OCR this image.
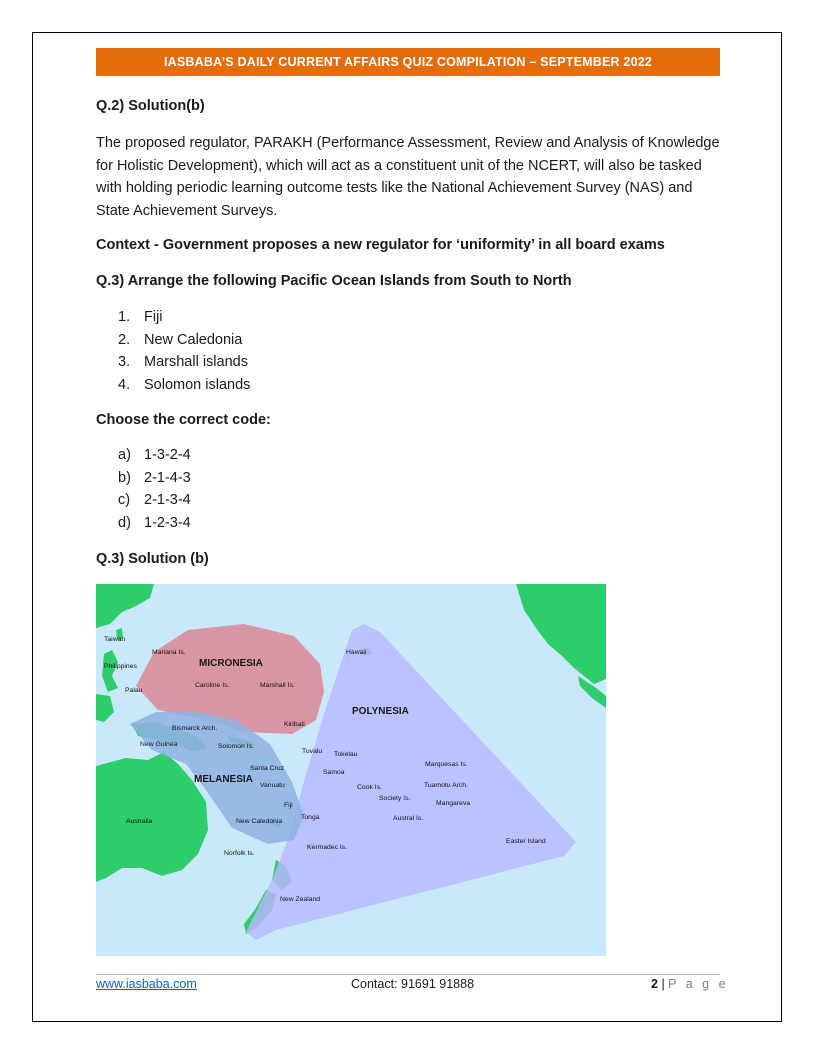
IASBABA’S DAILY CURRENT AFFAIRS QUIZ COMPILATION – SEPTEMBER 2022
Q.2) Solution(b)
The proposed regulator, PARAKH (Performance Assessment, Review and Analysis of Knowledge for Holistic Development), which will act as a constituent unit of the NCERT, will also be tasked with holding periodic learning outcome tests like the National Achievement Survey (NAS) and State Achievement Surveys.
Context - Government proposes a new regulator for ‘uniformity’ in all board exams
Q.3) Arrange the following Pacific Ocean Islands from South to North
1. Fiji
2. New Caledonia
3. Marshall islands
4. Solomon islands
Choose the correct code:
a) 1-3-2-4
b) 2-1-4-3
c) 2-1-3-4
d) 1-2-3-4
Q.3) Solution (b)
MICRONESIA
POLYNESIA
MELANESIA
Taiwan
Philippines
Palau
Mariana Is.
Caroline Is.	Marshall Is.
Hawaii
Kiribati
Bismarck Arch.
New Guinea	Solomon Is.
Tuvalu Tokelau
Samoa
Santa Cruz
Vanuatu
Fiji
New Caledonia
Tonga
Australia
Norfolk Is.
Kermadec Is.
New Zealand
Cook Is.
Society Is.
Austral Is.
Marquesas Is.
Tuamotu Arch.
Mangareva
Easter Island
www.iasbaba.com	Contact: 91691 91888	2 | P a g e
